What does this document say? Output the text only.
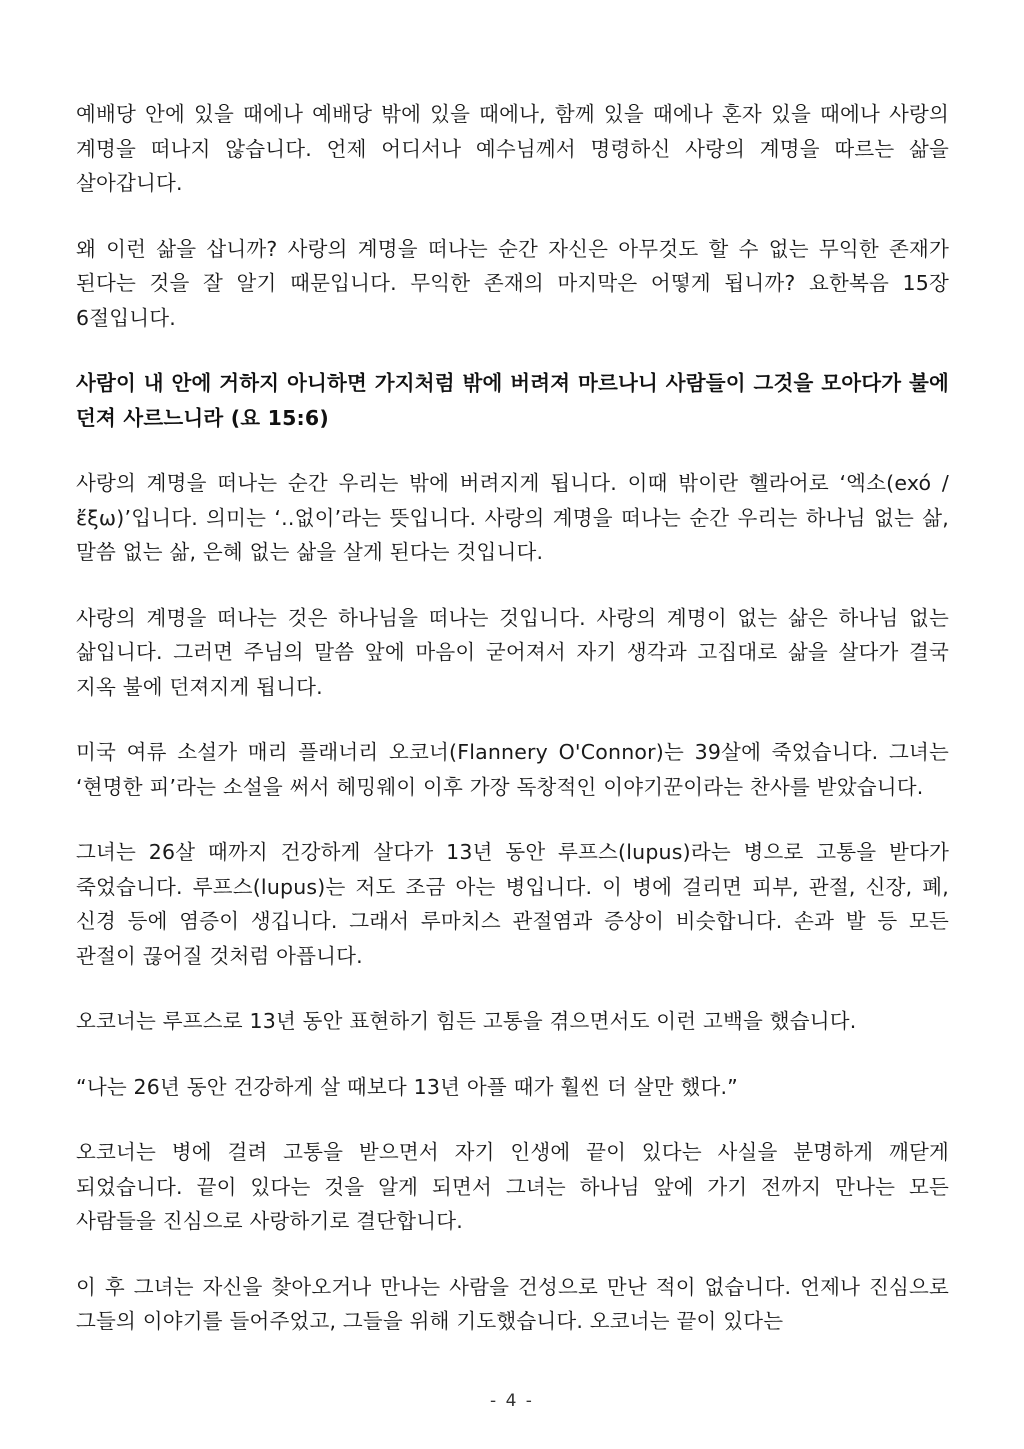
예배당 안에 있을 때에나 예배당 밖에 있을 때에나, 함께 있을 때에나 혼자 있을 때에나 사랑의 계명을 떠나지 않습니다. 언제 어디서나 예수님께서 명령하신 사랑의 계명을 따르는 삶을 살아갑니다.

왜 이런 삶을 삽니까? 사랑의 계명을 떠나는 순간 자신은 아무것도 할 수 없는 무익한 존재가 된다는 것을 잘 알기 때문입니다. 무익한 존재의 마지막은 어떻게 됩니까? 요한복음 15장 6절입니다.

사람이 내 안에 거하지 아니하면 가지처럼 밖에 버려져 마르나니 사람들이 그것을 모아다가 불에 던져 사르느니라 (요 15:6)

사랑의 계명을 떠나는 순간 우리는 밖에 버려지게 됩니다. 이때 밖이란 헬라어로 ‘엑소(exó / ἔξω)’입니다. 의미는 ‘..없이’라는 뜻입니다. 사랑의 계명을 떠나는 순간 우리는 하나님 없는 삶, 말씀 없는 삶, 은혜 없는 삶을 살게 된다는 것입니다.

사랑의 계명을 떠나는 것은 하나님을 떠나는 것입니다. 사랑의 계명이 없는 삶은 하나님 없는 삶입니다. 그러면 주님의 말씀 앞에 마음이 굳어져서 자기 생각과 고집대로 삶을 살다가 결국 지옥 불에 던져지게 됩니다.

미국 여류 소설가 매리 플래너리 오코너(Flannery O'Connor)는 39살에 죽었습니다. 그녀는 ‘현명한 피’라는 소설을 써서 헤밍웨이 이후 가장 독창적인 이야기꾼이라는 찬사를 받았습니다.

그녀는 26살 때까지 건강하게 살다가 13년 동안 루프스(lupus)라는 병으로 고통을 받다가 죽었습니다. 루프스(lupus)는 저도 조금 아는 병입니다. 이 병에 걸리면 피부, 관절, 신장, 폐, 신경 등에 염증이 생깁니다. 그래서 루마치스 관절염과 증상이 비슷합니다. 손과 발 등 모든 관절이 끊어질 것처럼 아픕니다.

오코너는 루프스로 13년 동안 표현하기 힘든 고통을 겪으면서도 이런 고백을 했습니다.

“나는 26년 동안 건강하게 살 때보다 13년 아플 때가 훨씬 더 살만 했다.”

오코너는 병에 걸려 고통을 받으면서 자기 인생에 끝이 있다는 사실을 분명하게 깨닫게 되었습니다. 끝이 있다는 것을 알게 되면서 그녀는 하나님 앞에 가기 전까지 만나는 모든 사람들을 진심으로 사랑하기로 결단합니다.

이 후 그녀는 자신을 찾아오거나 만나는 사람을 건성으로 만난 적이 없습니다. 언제나 진심으로 그들의 이야기를 들어주었고, 그들을 위해 기도했습니다. 오코너는 끝이 있다는

- 4 -
